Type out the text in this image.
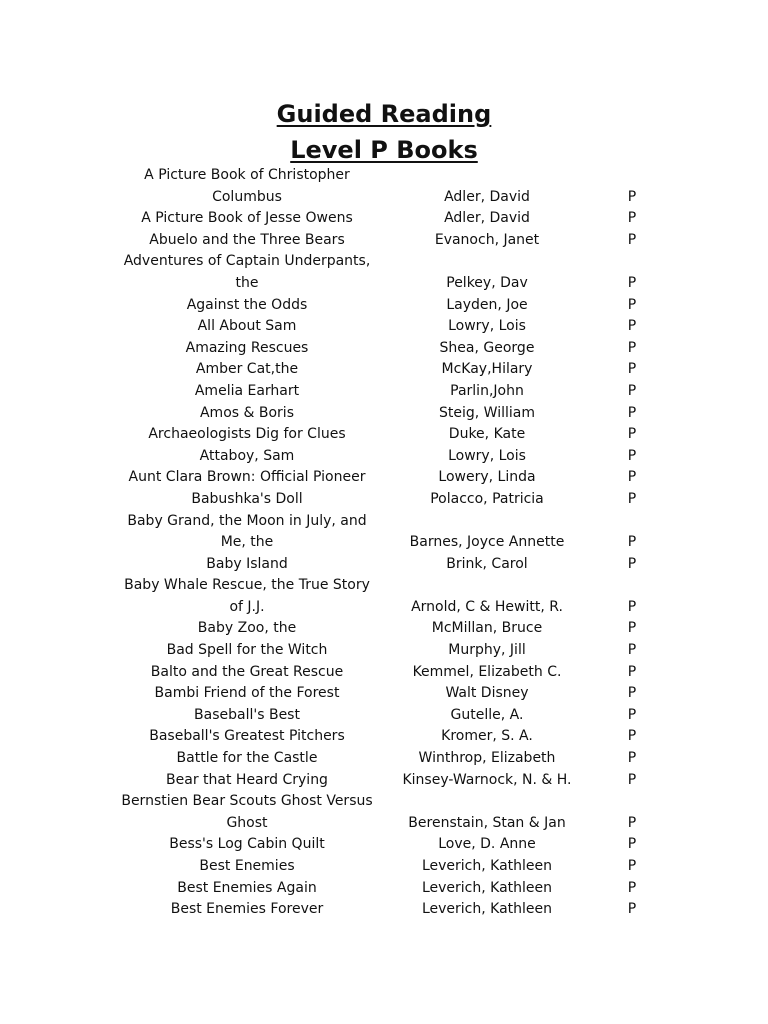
Guided Reading
Level P Books
A Picture Book of Christopher
Columbus	Adler, David	P
A Picture Book of Jesse Owens	Adler, David	P
Abuelo and the Three Bears	Evanoch, Janet	P
Adventures of Captain Underpants,
the	Pelkey, Dav	P
Against the Odds	Layden, Joe	P
All About Sam	Lowry, Lois	P
Amazing Rescues	Shea, George	P
Amber Cat,the	McKay,Hilary	P
Amelia Earhart	Parlin,John	P
Amos & Boris	Steig, William	P
Archaeologists Dig for Clues	Duke, Kate	P
Attaboy, Sam	Lowry, Lois	P
Aunt Clara Brown: Official Pioneer	Lowery, Linda	P
Babushka's Doll	Polacco, Patricia	P
Baby Grand, the Moon in July, and
Me, the	Barnes, Joyce Annette	P
Baby Island	Brink, Carol	P
Baby Whale Rescue, the True Story
of J.J.	Arnold, C & Hewitt, R.	P
Baby Zoo, the	McMillan, Bruce	P
Bad Spell for the Witch	Murphy, Jill	P
Balto and the Great Rescue	Kemmel, Elizabeth C.	P
Bambi Friend of the Forest	Walt Disney	P
Baseball's Best	Gutelle, A.	P
Baseball's Greatest Pitchers	Kromer, S. A.	P
Battle for the Castle	Winthrop, Elizabeth	P
Bear that Heard Crying	Kinsey-Warnock, N. & H.	P
Bernstien Bear Scouts Ghost Versus
Ghost	Berenstain, Stan & Jan	P
Bess's Log Cabin Quilt	Love, D. Anne	P
Best Enemies	Leverich, Kathleen	P
Best Enemies Again	Leverich, Kathleen	P
Best Enemies Forever	Leverich, Kathleen	P
